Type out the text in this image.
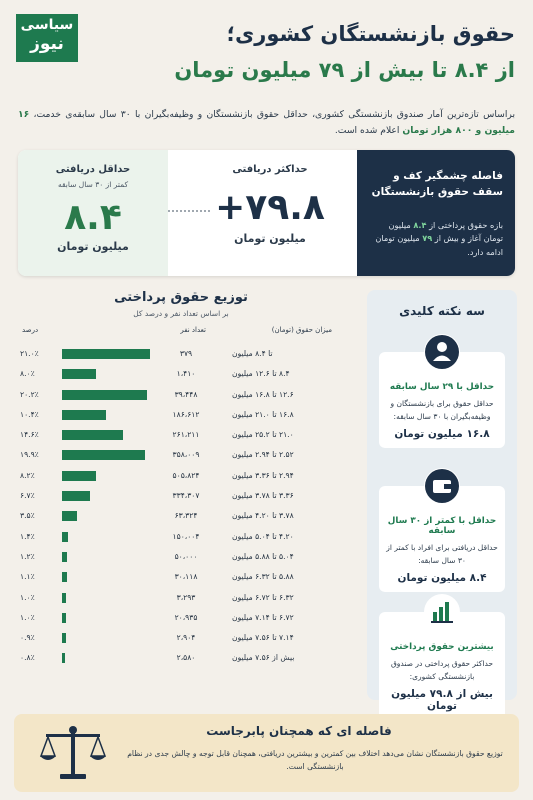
حقوق بازنشستگان کشوری؛
از ۸.۴ تا بیش از ۷۹ میلیون تومان
سیاسی
نیوز

براساس تازه‌ترین آمار صندوق بازنشستگی کشوری، حداقل حقوق بازنشستگان و وظیفه‌بگیران با ۳۰ سال سابقه‌ی خدمت، ۱۶ میلیون و ۸۰۰ هزار تومان اعلام شده است.

فاصله چشمگیر کف و سقف حقوق بازنشستگان
بازه حقوق پرداختی از ۸.۴ میلیون تومان آغاز و بیش از ۷۹ میلیون تومان ادامه دارد.
حداکثر دریافتی
+۷۹.۸
میلیون تومان
حداقل دریافتی
کمتر از ۳۰ سال سابقه
۸.۴
میلیون تومان
توزیع حقوق پرداختی
بر اساس تعداد نفر و درصد کل
میزان حقوق (تومان)
تعداد نفر
درصد
تا ۸.۴ میلیون
۳۷۹
۲۱.۰٪
۸.۴ تا ۱۲.۶ میلیون
۱،۴۱۰
۸.۰٪
۱۲.۶ تا ۱۶.۸ میلیون
۳۹،۴۴۸
۲۰.۲٪
۱۶.۸ تا ۲۱.۰ میلیون
۱۸۶،۶۱۲
۱۰.۴٪
۲۱.۰ تا ۲۵.۲ میلیون
۲۶۱،۲۱۱
۱۴.۶٪
۲.۵۲ تا ۲.۹۴ میلیون
۳۵۸،۰۰۹
۱۹.۹٪
۲.۹۴ تا ۳.۳۶ میلیون
۵۰۵،۸۲۴
۸.۲٪
۳.۳۶ تا ۳.۷۸ میلیون
۳۳۴،۳۰۷
۶.۷٪
۳.۷۸ تا ۴.۲۰ میلیون
۶۳،۳۲۴
۳.۵٪
۴.۲۰ تا ۵.۰۴ میلیون
۱۵۰،۰۰۴
۱.۴٪
۵.۰۴ تا ۵.۸۸ میلیون
۵۰،۰۰۰
۱.۲٪
۵.۸۸ تا ۶.۳۲ میلیون
۳۰،۱۱۸
۱.۱٪
۶.۳۲ تا ۶.۷۲ میلیون
۳،۲۹۳
۱.۰٪
۶.۷۲ تا ۷.۱۴ میلیون
۲۰،۹۳۵
۱.۰٪
۷.۱۴ تا ۷.۵۶ میلیون
۲،۹۰۴
۰.۹٪
بیش از ۷.۵۶ میلیون
۲،۵۸۰
۰.۸٪
سه نکته کلیدی
حداقل با ۲۹ سال سابقه
حداقل حقوق برای بازنشستگان و وظیفه‌بگیران با ۳۰ سال سابقه:
۱۶.۸ میلیون تومان
حداقل با کمتر از ۳۰ سال سابقه
حداقل دریافتی برای افراد با کمتر از ۳۰ سال سابقه:
۸.۴ میلیون تومان
بیشترین حقوق پرداختی
حداکثر حقوق پرداختی در صندوق بازنشستگی کشوری:
بیش از ۷۹.۸ میلیون تومان
فاصله ای که همچنان پابرجاست
توزیع حقوق بازنشستگان نشان می‌دهد اختلاف بین کمترین و بیشترین دریافتی، همچنان قابل توجه و چالش جدی در نظام بازنشستگی است.
